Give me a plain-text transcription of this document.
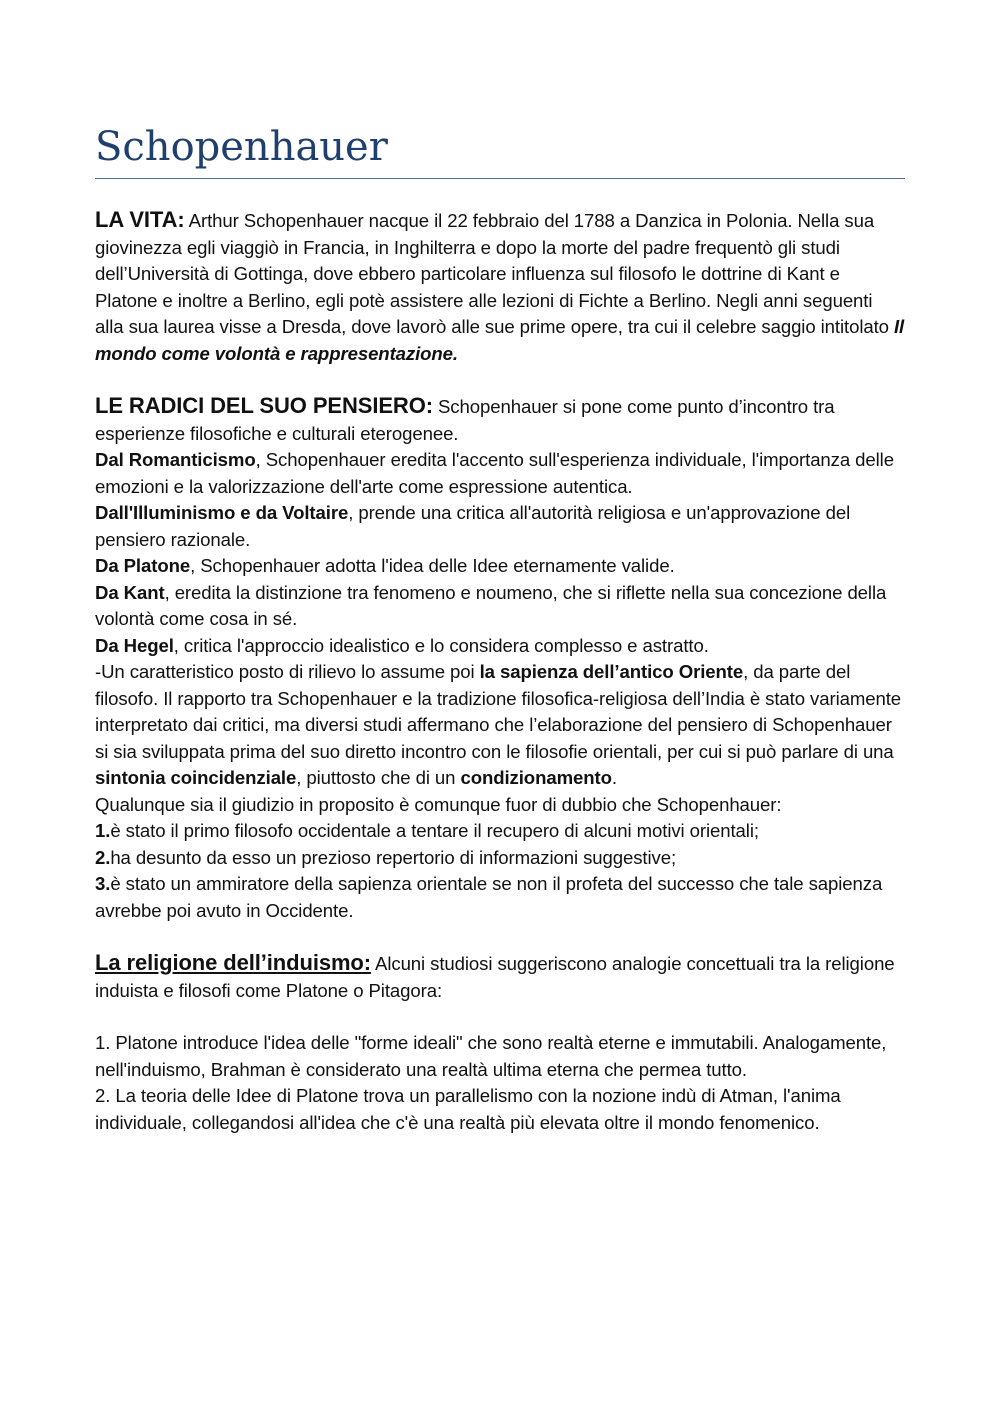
Schopenhauer

LA VITA: Arthur Schopenhauer nacque il 22 febbraio del 1788 a Danzica in Polonia. Nella sua giovinezza egli viaggiò in Francia, in Inghilterra e dopo la morte del padre frequentò gli studi dell’Università di Gottinga, dove ebbero particolare influenza sul filosofo le dottrine di Kant e Platone e inoltre a Berlino, egli potè assistere alle lezioni di Fichte a Berlino. Negli anni seguenti alla sua laurea visse a Dresda, dove lavorò alle sue prime opere, tra cui il celebre saggio intitolato Il mondo come volontà e rappresentazione.

LE RADICI DEL SUO PENSIERO: Schopenhauer si pone come punto d’incontro tra esperienze filosofiche e culturali eterogenee.

Dal Romanticismo, Schopenhauer eredita l'accento sull'esperienza individuale, l'importanza delle emozioni e la valorizzazione dell'arte come espressione autentica.

Dall'Illuminismo e da Voltaire, prende una critica all'autorità religiosa e un'approvazione del pensiero razionale.

Da Platone, Schopenhauer adotta l'idea delle Idee eternamente valide.

Da Kant, eredita la distinzione tra fenomeno e noumeno, che si riflette nella sua concezione della volontà come cosa in sé.

Da Hegel, critica l'approccio idealistico e lo considera complesso e astratto.

-Un caratteristico posto di rilievo lo assume poi la sapienza dell’antico Oriente, da parte del filosofo. Il rapporto tra Schopenhauer e la tradizione filosofica-religiosa dell’India è stato variamente interpretato dai critici, ma diversi studi affermano che l’elaborazione del pensiero di Schopenhauer si sia sviluppata prima del suo diretto incontro con le filosofie orientali, per cui si può parlare di una sintonia coincidenziale, piuttosto che di un condizionamento.

Qualunque sia il giudizio in proposito è comunque fuor di dubbio che Schopenhauer:

1.è stato il primo filosofo occidentale a tentare il recupero di alcuni motivi orientali;

2.ha desunto da esso un prezioso repertorio di informazioni suggestive;

3.è stato un ammiratore della sapienza orientale se non il profeta del successo che tale sapienza avrebbe poi avuto in Occidente.

La religione dell’induismo: Alcuni studiosi suggeriscono analogie concettuali tra la religione induista e filosofi come Platone o Pitagora:

1. Platone introduce l'idea delle "forme ideali" che sono realtà eterne e immutabili. Analogamente, nell'induismo, Brahman è considerato una realtà ultima eterna che permea tutto.

2. La teoria delle Idee di Platone trova un parallelismo con la nozione indù di Atman, l'anima individuale, collegandosi all'idea che c'è una realtà più elevata oltre il mondo fenomenico.
